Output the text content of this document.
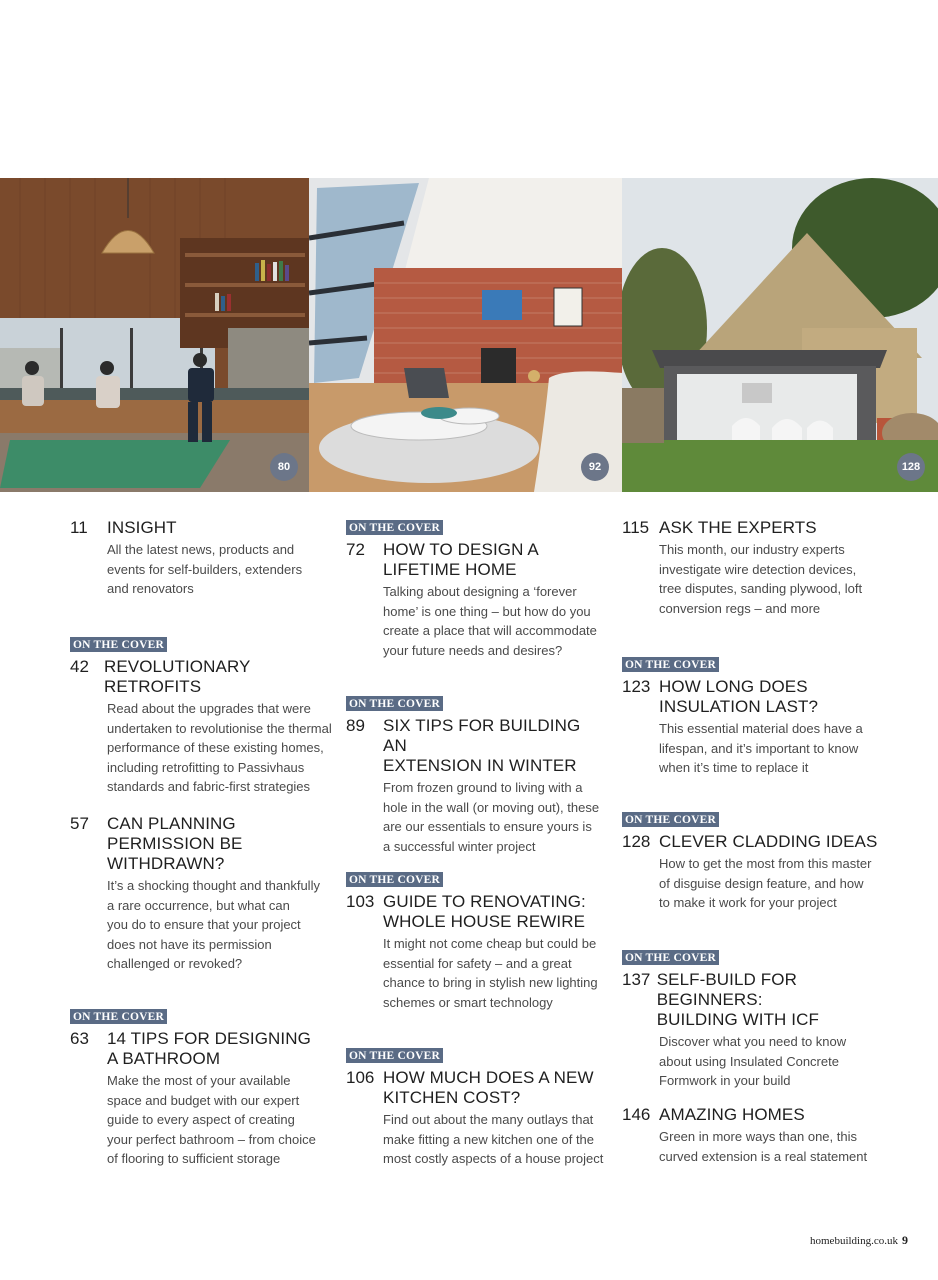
80	92	128
11	INSIGHT
All the latest news, products and
events for self-builders, extenders
and renovators
ON THE COVER
42 REVOLUTIONARY RETROFITS
Read about the upgrades that were
undertaken to revolutionise the thermal
performance of these existing homes,
including retrofitting to Passivhaus
standards and fabric-first strategies
57	CAN PLANNING
PERMISSION BE
WITHDRAWN?
It’s a shocking thought and thankfully
a rare occurrence, but what can
you do to ensure that your project
does not have its permission
challenged or revoked?
ON THE COVER
63	14 TIPS FOR DESIGNING
A BATHROOM
Make the most of your available
space and budget with our expert
guide to every aspect of creating
your perfect bathroom – from choice
of flooring to sufficient storage
ON THE COVER
72	HOW TO DESIGN A
LIFETIME HOME
Talking about designing a ‘forever
home’ is one thing – but how do you
create a place that will accommodate
your future needs and desires?
ON THE COVER
89	SIX TIPS FOR BUILDING AN
EXTENSION IN WINTER
From frozen ground to living with a
hole in the wall (or moving out), these
are our essentials to ensure yours is
a successful winter project
ON THE COVER
103 GUIDE TO RENOVATING:
WHOLE HOUSE REWIRE
It might not come cheap but could be
essential for safety – and a great
chance to bring in stylish new lighting
schemes or smart technology
ON THE COVER
106 HOW MUCH DOES A NEW
KITCHEN COST?
Find out about the many outlays that
make fitting a new kitchen one of the
most costly aspects of a house project
115 ASK THE EXPERTS
This month, our industry experts
investigate wire detection devices,
tree disputes, sanding plywood, loft
conversion regs – and more
ON THE COVER
123 HOW LONG DOES
INSULATION LAST?
This essential material does have a
lifespan, and it’s important to know
when it’s time to replace it
ON THE COVER
128 CLEVER CLADDING IDEAS
How to get the most from this master
of disguise design feature, and how
to make it work for your project
ON THE COVER
137 SELF-BUILD FOR BEGINNERS:
BUILDING WITH ICF
Discover what you need to know
about using Insulated Concrete
Formwork in your build
146 AMAZING HOMES
Green in more ways than one, this
curved extension is a real statement
homebuilding.co.uk 9
